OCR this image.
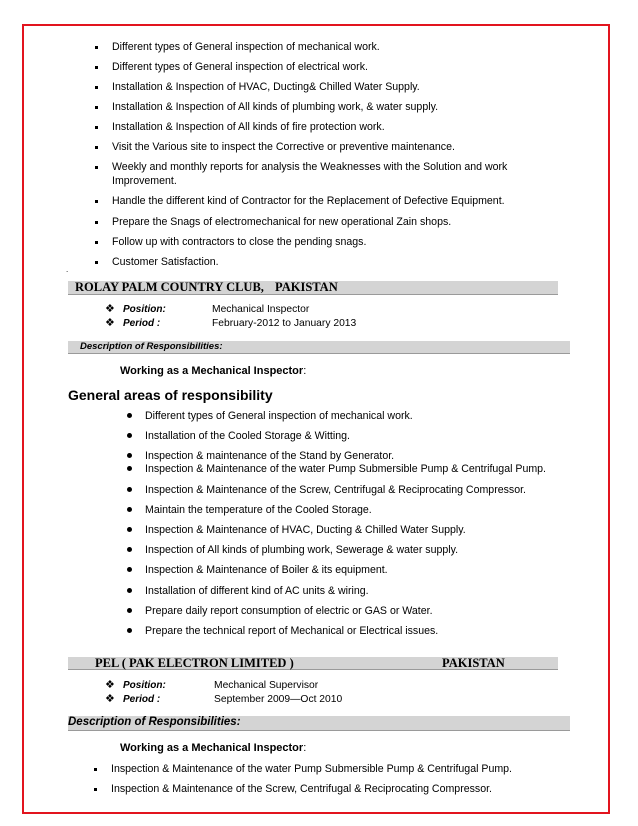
Different types of General inspection of mechanical work.
Different types of General inspection of electrical work.
Installation & Inspection of HVAC, Ducting& Chilled Water Supply.
Installation & Inspection of All kinds of plumbing work, & water supply.
Installation & Inspection of All kinds of fire protection work.
Visit the Various site to inspect the Corrective or preventive maintenance.
Weekly and monthly reports for analysis the Weaknesses with the Solution and work
Improvement.
Handle the different kind of Contractor for the Replacement of Defective Equipment.
Prepare the Snags of electromechanical for new operational Zain shops.
Follow up with contractors to close the pending snags.
Customer Satisfaction.
.
ROLAY PALM COUNTRY CLUB, PAKISTAN
❖ Position:	Mechanical Inspector
❖ Period :	February-2012 to January 2013
Description of Responsibilities:
Working as a Mechanical Inspector:
General areas of responsibility
Different types of General inspection of mechanical work.
Installation of the Cooled Storage & Witting.
Inspection & maintenance of the Stand by Generator.
Inspection & Maintenance of the water Pump Submersible Pump & Centrifugal Pump.
Inspection & Maintenance of the Screw, Centrifugal & Reciprocating Compressor.
Maintain the temperature of the Cooled Storage.
Inspection & Maintenance of HVAC, Ducting & Chilled Water Supply.
Inspection of All kinds of plumbing work, Sewerage & water supply.
Inspection & Maintenance of Boiler & its equipment.
Installation of different kind of AC units & wiring.
Prepare daily report consumption of electric or GAS or Water.
Prepare the technical report of Mechanical or Electrical issues.
PEL ( PAK ELECTRON LIMITED )	PAKISTAN
❖ Position:	Mechanical Supervisor
❖ Period :	September 2009—Oct 2010
Description of Responsibilities:
Working as a Mechanical Inspector:
Inspection & Maintenance of the water Pump Submersible Pump & Centrifugal Pump.
Inspection & Maintenance of the Screw, Centrifugal & Reciprocating Compressor.
